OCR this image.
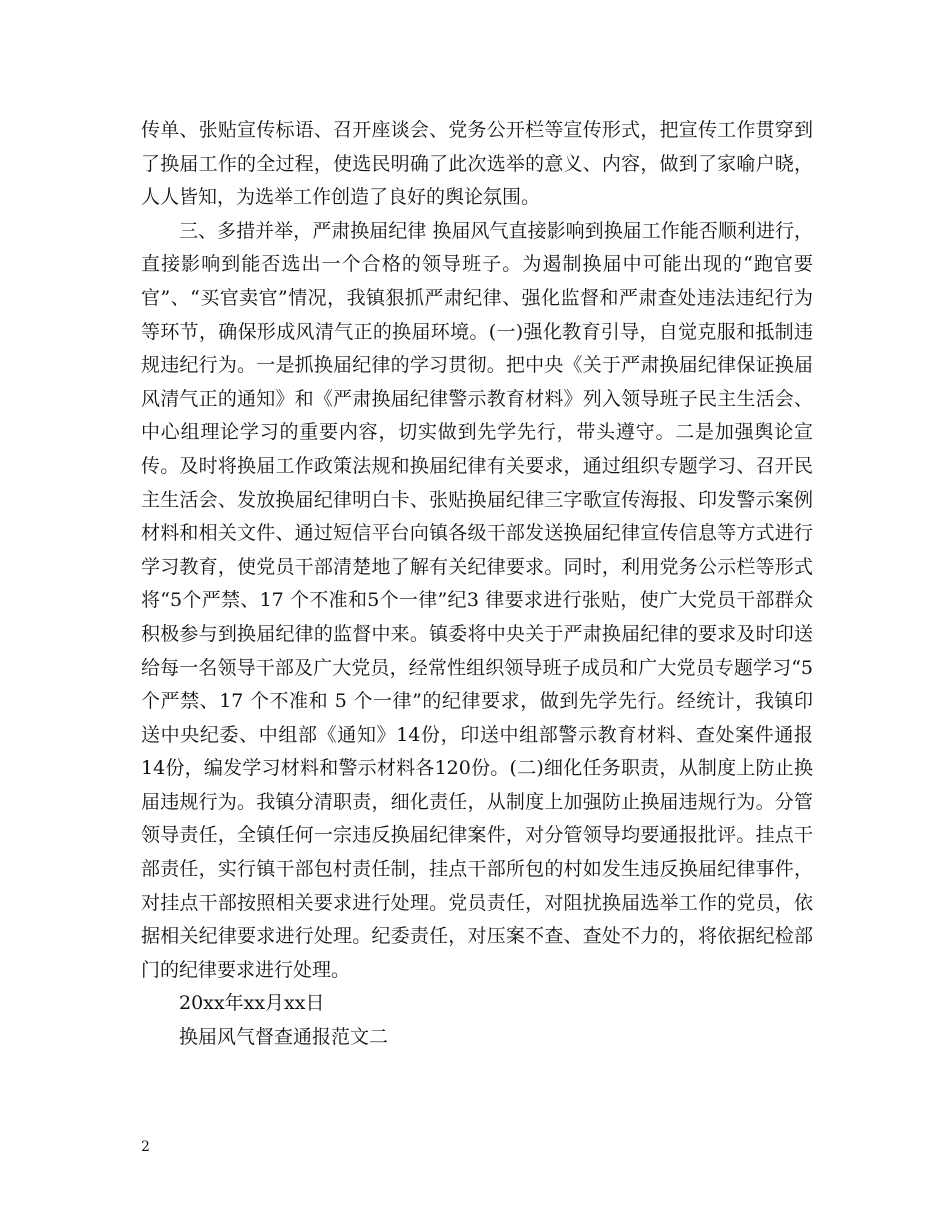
传单、张贴宣传标语、召开座谈会、党务公开栏等宣传形式，把宣传工作贯穿到了换届工作的全过程，使选民明确了此次选举的意义、内容，做到了家喻户晓，人人皆知，为选举工作创造了良好的舆论氛围。

三、多措并举，严肃换届纪律 换届风气直接影响到换届工作能否顺利进行，直接影响到能否选出一个合格的领导班子。为遏制换届中可能出现的“跑官要官”、“买官卖官”情况，我镇狠抓严肃纪律、强化监督和严肃查处违法违纪行为等环节，确保形成风清气正的换届环境。(一)强化教育引导，自觉克服和抵制违规违纪行为。一是抓换届纪律的学习贯彻。把中央《关于严肃换届纪律保证换届风清气正的通知》和《严肃换届纪律警示教育材料》列入领导班子民主生活会、中心组理论学习的重要内容，切实做到先学先行，带头遵守。二是加强舆论宣传。及时将换届工作政策法规和换届纪律有关要求，通过组织专题学习、召开民主生活会、发放换届纪律明白卡、张贴换届纪律三字歌宣传海报、印发警示案例材料和相关文件、通过短信平台向镇各级干部发送换届纪律宣传信息等方式进行学习教育，使党员干部清楚地了解有关纪律要求。同时，利用党务公示栏等形式将“5个严禁、17 个不准和5个一律”纪3 律要求进行张贴，使广大党员干部群众积极参与到换届纪律的监督中来。镇委将中央关于严肃换届纪律的要求及时印送给每一名领导干部及广大党员，经常性组织领导班子成员和广大党员专题学习“5 个严禁、17 个不准和 5 个一律”的纪律要求，做到先学先行。经统计，我镇印送中央纪委、中组部《通知》14份，印送中组部警示教育材料、查处案件通报14份，编发学习材料和警示材料各120份。(二)细化任务职责，从制度上防止换届违规行为。我镇分清职责，细化责任，从制度上加强防止换届违规行为。分管领导责任，全镇任何一宗违反换届纪律案件，对分管领导均要通报批评。挂点干部责任，实行镇干部包村责任制，挂点干部所包的村如发生违反换届纪律事件，对挂点干部按照相关要求进行处理。党员责任，对阻扰换届选举工作的党员，依据相关纪律要求进行处理。纪委责任，对压案不查、查处不力的，将依据纪检部门的纪律要求进行处理。

20xx年xx月xx日

换届风气督查通报范文二

2
